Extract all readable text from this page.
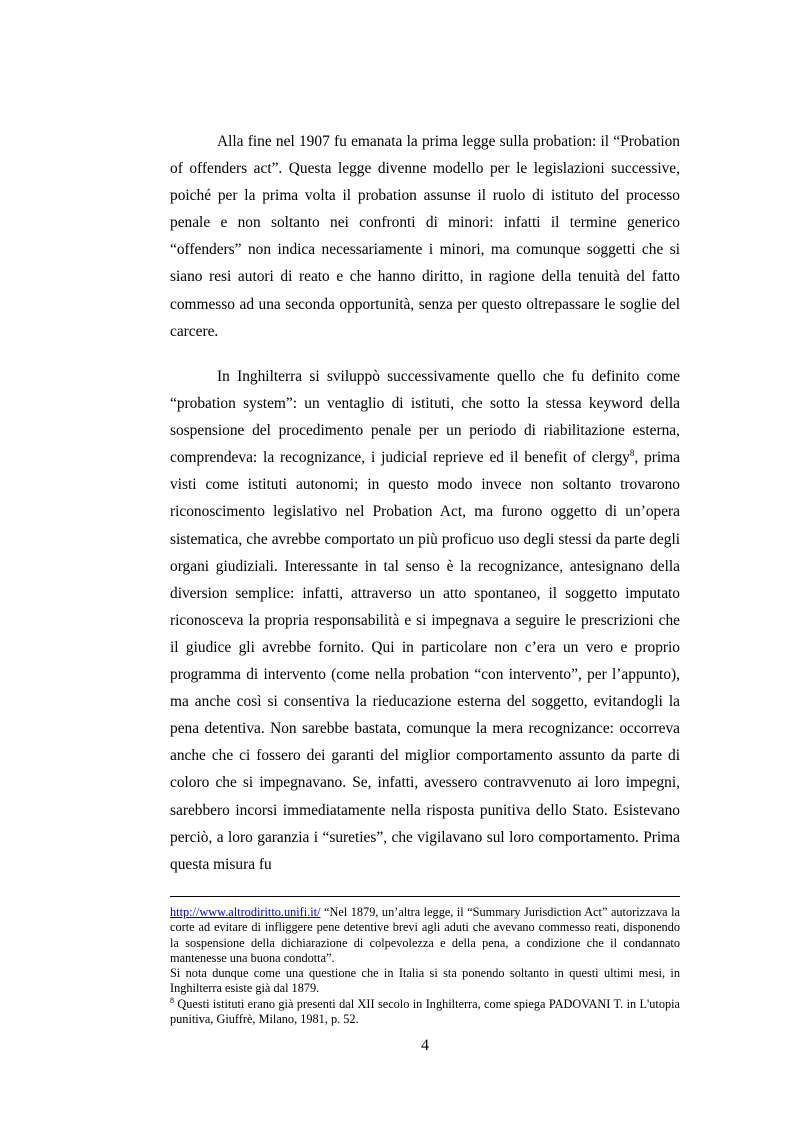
Alla fine nel 1907 fu emanata la prima legge sulla probation: il “Probation of offenders act”. Questa legge divenne modello per le legislazioni successive, poiché per la prima volta il probation assunse il ruolo di istituto del processo penale e non soltanto nei confronti di minori: infatti il termine generico “offenders” non indica necessariamente i minori, ma comunque soggetti che si siano resi autori di reato e che hanno diritto, in ragione della tenuità del fatto commesso ad una seconda opportunità, senza per questo oltrepassare le soglie del carcere.

In Inghilterra si sviluppò successivamente quello che fu definito come “probation system”: un ventaglio di istituti, che sotto la stessa keyword della sospensione del procedimento penale per un periodo di riabilitazione esterna, comprendeva: la recognizance, i judicial reprieve ed il benefit of clergy$^8$, prima visti come istituti autonomi; in questo modo invece non soltanto trovarono riconoscimento legislativo nel Probation Act, ma furono oggetto di un’opera sistematica, che avrebbe comportato un più proficuo uso degli stessi da parte degli organi giudiziali. Interessante in tal senso è la recognizance, antesignano della diversion semplice: infatti, attraverso un atto spontaneo, il soggetto imputato riconosceva la propria responsabilità e si impegnava a seguire le prescrizioni che il giudice gli avrebbe fornito. Qui in particolare non c’era un vero e proprio programma di intervento (come nella probation “con intervento”, per l’appunto), ma anche così si consentiva la rieducazione esterna del soggetto, evitandogli la pena detentiva. Non sarebbe bastata, comunque la mera recognizance: occorreva anche che ci fossero dei garanti del miglior comportamento assunto da parte di coloro che si impegnavano. Se, infatti, avessero contravvenuto ai loro impegni, sarebbero incorsi immediatamente nella risposta punitiva dello Stato. Esistevano perciò, a loro garanzia i “sureties”, che vigilavano sul loro comportamento. Prima questa misura fu

http://www.altrodiritto.unifi.it/ “Nel 1879, un’altra legge, il “Summary Jurisdiction Act” autorizzava la corte ad evitare di infliggere pene detentive brevi agli aduti che avevano commesso reati, disponendo la sospensione della dichiarazione di colpevolezza e della pena, a condizione che il condannato mantenesse una buona condotta”.

Si nota dunque come una questione che in Italia si sta ponendo soltanto in questi ultimi mesi, in Inghilterra esiste già dal 1879.

$^8$ Questi istituti erano già presenti dal XII secolo in Inghilterra, come spiega PADOVANI T. in L'utopia punitiva, Giuffrè, Milano, 1981, p. 52.

4
